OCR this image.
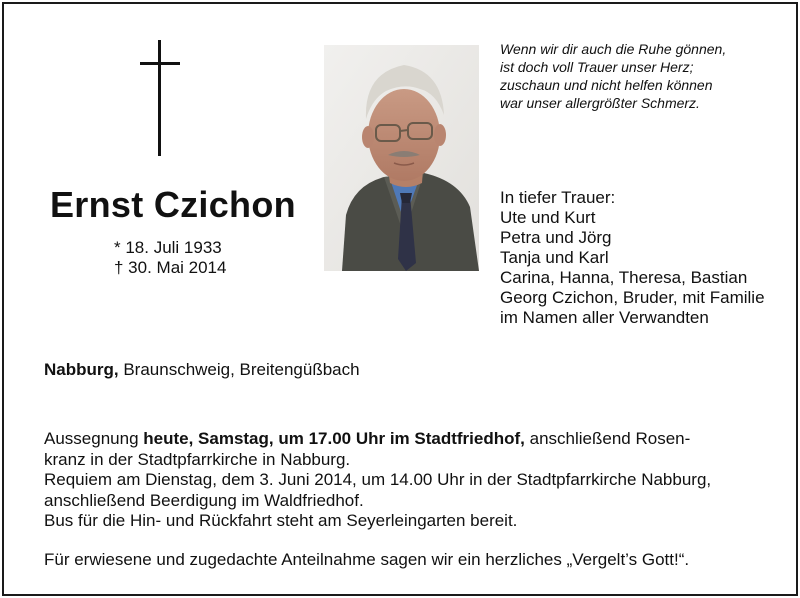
Ernst Czichon
* 18. Juli 1933
† 30. Mai 2014
Wenn wir dir auch die Ruhe gönnen,
ist doch voll Trauer unser Herz;
zuschaun und nicht helfen können
war unser allergrößter Schmerz.
In tiefer Trauer:
Ute und Kurt
Petra und Jörg
Tanja und Karl
Carina, Hanna, Theresa, Bastian
Georg Czichon, Bruder, mit Familie
im Namen aller Verwandten
Nabburg, Braunschweig, Breitengüßbach

Aussegnung heute, Samstag, um 17.00 Uhr im Stadtfriedhof, anschließend Rosen-

kranz in der Stadtpfarrkirche in Nabburg.

Requiem am Dienstag, dem 3. Juni 2014, um 14.00 Uhr in der Stadtpfarrkirche Nabburg,

anschließend Beerdigung im Waldfriedhof.

Bus für die Hin- und Rückfahrt steht am Seyerleingarten bereit.

Für erwiesene und zugedachte Anteilnahme sagen wir ein herzliches „Vergelt’s Gott!“.
